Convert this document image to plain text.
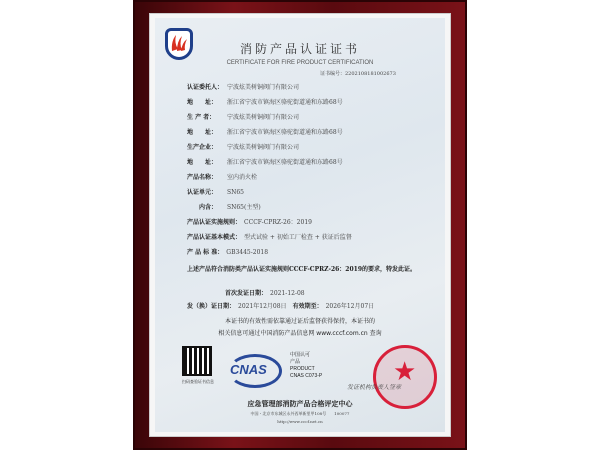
消防产品认证证书
CERTIFICATE FOR FIRE PRODUCT CERTIFICATION
证书编号：2202108181002673
认证委托人： 宁波炫美树铜阀门有限公司
地　　址： 浙江省宁波市镇海区骆驼街道通和东路68号
生 产 者： 宁波炫美树铜阀门有限公司
地　　址： 浙江省宁波市镇海区骆驼街道通和东路68号
生产企业： 宁波炫美树铜阀门有限公司
地　　址： 浙江省宁波市镇海区骆驼街道通和东路68号
产品名称： 室内消火栓
认证单元： SN65
　　内含： SN65(主型)
产品认证实施规则： CCCF-CPRZ-26：2019
产品认证基本模式： 型式试验 + 初始工厂检查 + 获证后监督
产 品 标 准： GB3445-2018
上述产品符合消防类产品认证实施规则CCCF-CPRZ-26：2019的要求，特发此证。
首次发证日期： 2021-12-08
发（换）证日期： 2021年12月08日　 有效期至： 2026年12月07日
本证书的有效性需依靠通过证后监督获得保持，本证书的
相关信息可通过中国消防产品信息网 www.cccf.com.cn 查询
扫码查验证书信息
CNAS
中国认可
产品
PRODUCT
CNAS C073-P	★
发证机构负责人签章
应急管理部消防产品合格评定中心
中国・北京市东城区永外西革新里甲108号　　100077
http://www.cccf.net.cn
